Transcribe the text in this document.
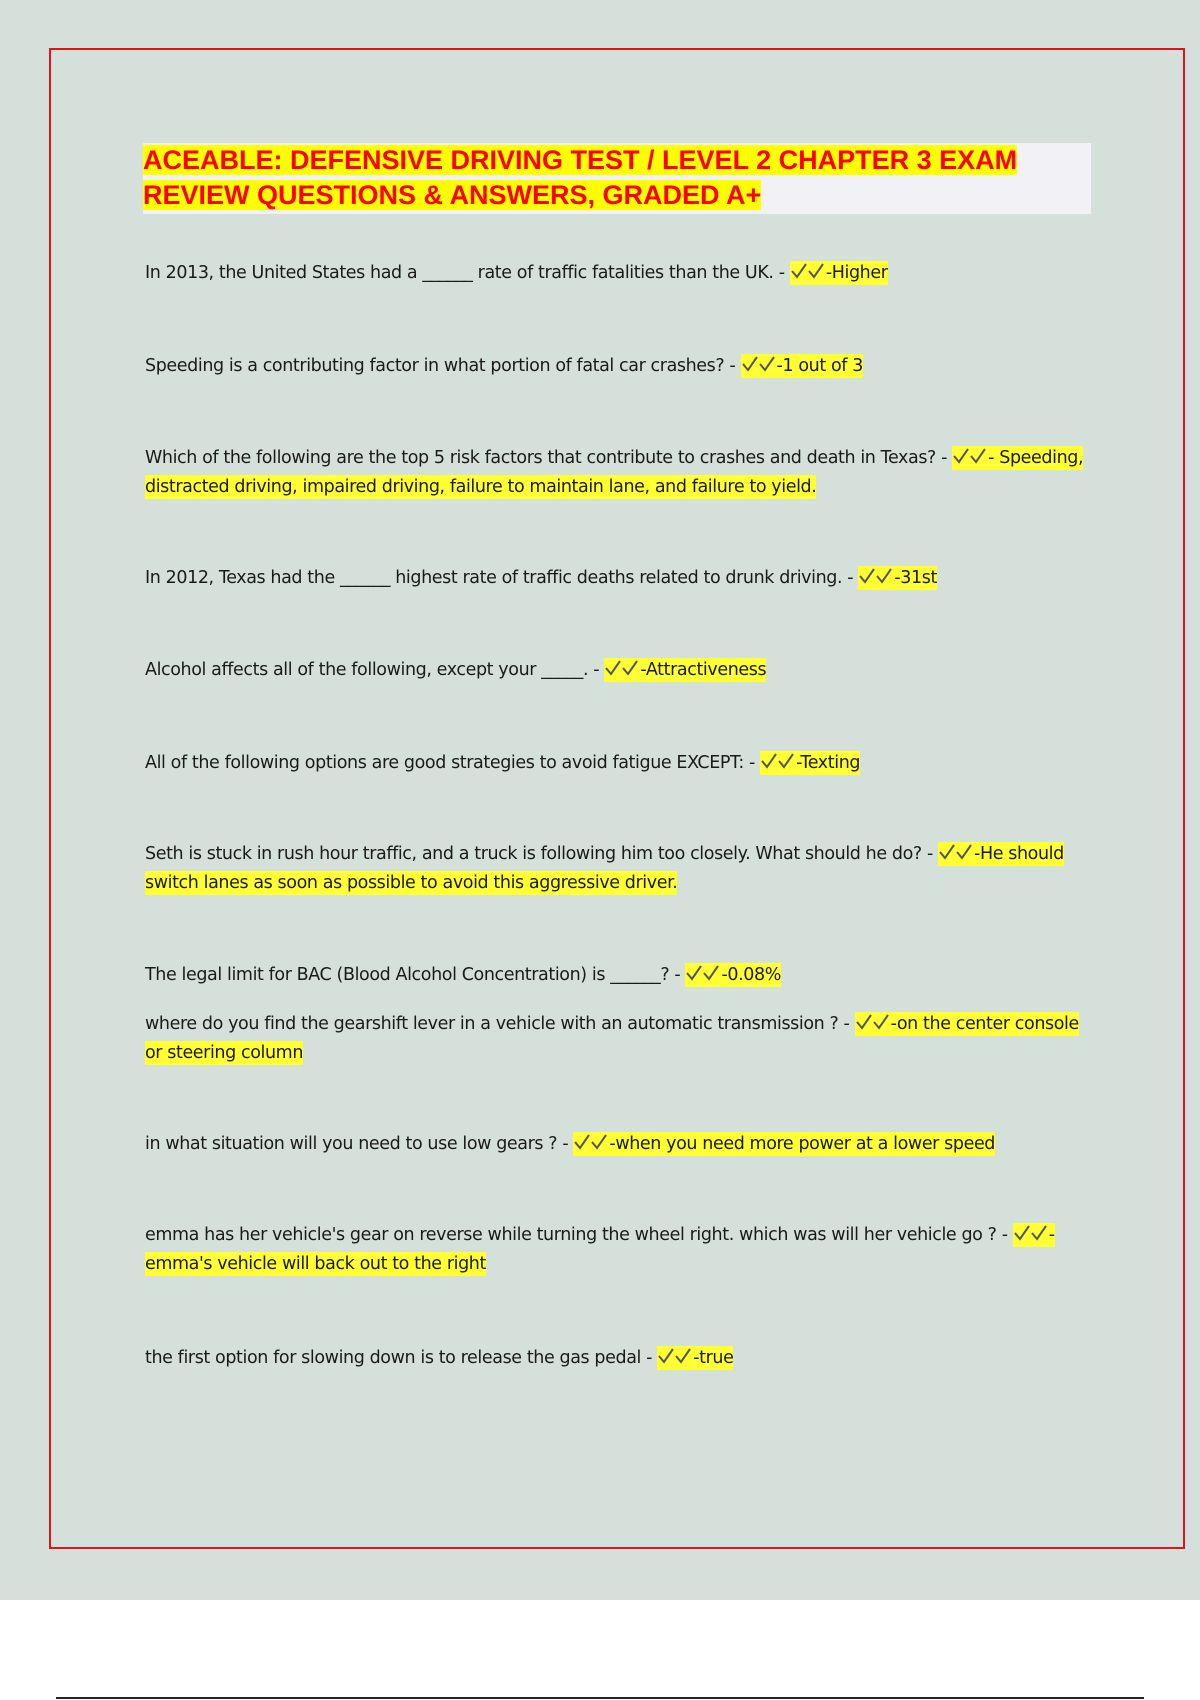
ACEABLE: DEFENSIVE DRIVING TEST / LEVEL 2 CHAPTER 3 EXAM
REVIEW QUESTIONS & ANSWERS, GRADED A+
In 2013, the United States had a ______ rate of traffic fatalities than the UK. - -Higher
Speeding is a contributing factor in what portion of fatal car crashes? - -1 out of 3
Which of the following are the top 5 risk factors that contribute to crashes and death in Texas? - - Speeding, distracted driving, impaired driving, failure to maintain lane, and failure to yield.
In 2012, Texas had the ______ highest rate of traffic deaths related to drunk driving. - -31st
Alcohol affects all of the following, except your _____. - -Attractiveness
All of the following options are good strategies to avoid fatigue EXCEPT: - -Texting
Seth is stuck in rush hour traffic, and a truck is following him too closely. What should he do? - -He should switch lanes as soon as possible to avoid this aggressive driver.
The legal limit for BAC (Blood Alcohol Concentration) is ______? - -0.08%
where do you find the gearshift lever in a vehicle with an automatic transmission ? - -on the center console or steering column
in what situation will you need to use low gears ? - -when you need more power at a lower speed
emma has her vehicle's gear on reverse while turning the wheel right. which was will her vehicle go ? - -emma's vehicle will back out to the right
the first option for slowing down is to release the gas pedal - -true
